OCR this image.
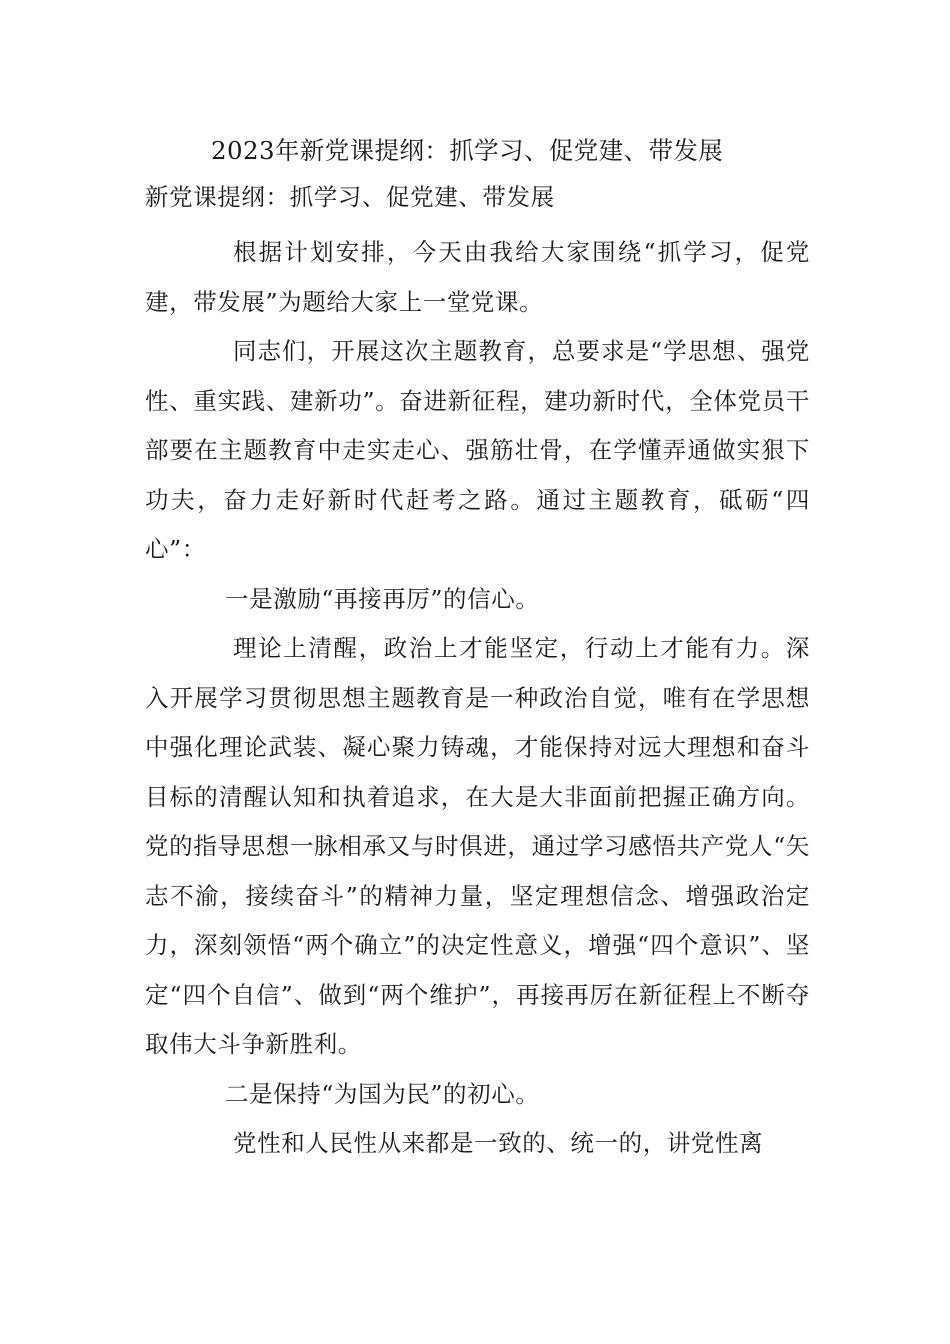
2023年新党课提纲：抓学习、促党建、带发展

新党课提纲：抓学习、促党建、带发展

根据计划安排，今天由我给大家围绕“抓学习，促党建，带发展”为题给大家上一堂党课。

同志们，开展这次主题教育，总要求是“学思想、强党性、重实践、建新功”。奋进新征程，建功新时代，全体党员干部要在主题教育中走实走心、强筋壮骨，在学懂弄通做实狠下功夫，奋力走好新时代赶考之路。通过主题教育，砥砺“四心”：

一是激励“再接再厉”的信心。

理论上清醒，政治上才能坚定，行动上才能有力。深入开展学习贯彻思想主题教育是一种政治自觉，唯有在学思想中强化理论武装、凝心聚力铸魂，才能保持对远大理想和奋斗目标的清醒认知和执着追求，在大是大非面前把握正确方向。党的指导思想一脉相承又与时俱进，通过学习感悟共产党人“矢志不渝，接续奋斗”的精神力量，坚定理想信念、增强政治定力，深刻领悟“两个确立”的决定性意义，增强“四个意识”、坚定“四个自信”、做到“两个维护”，再接再厉在新征程上不断夺取伟大斗争新胜利。

二是保持“为国为民”的初心。

党性和人民性从来都是一致的、统一的，讲党性离
